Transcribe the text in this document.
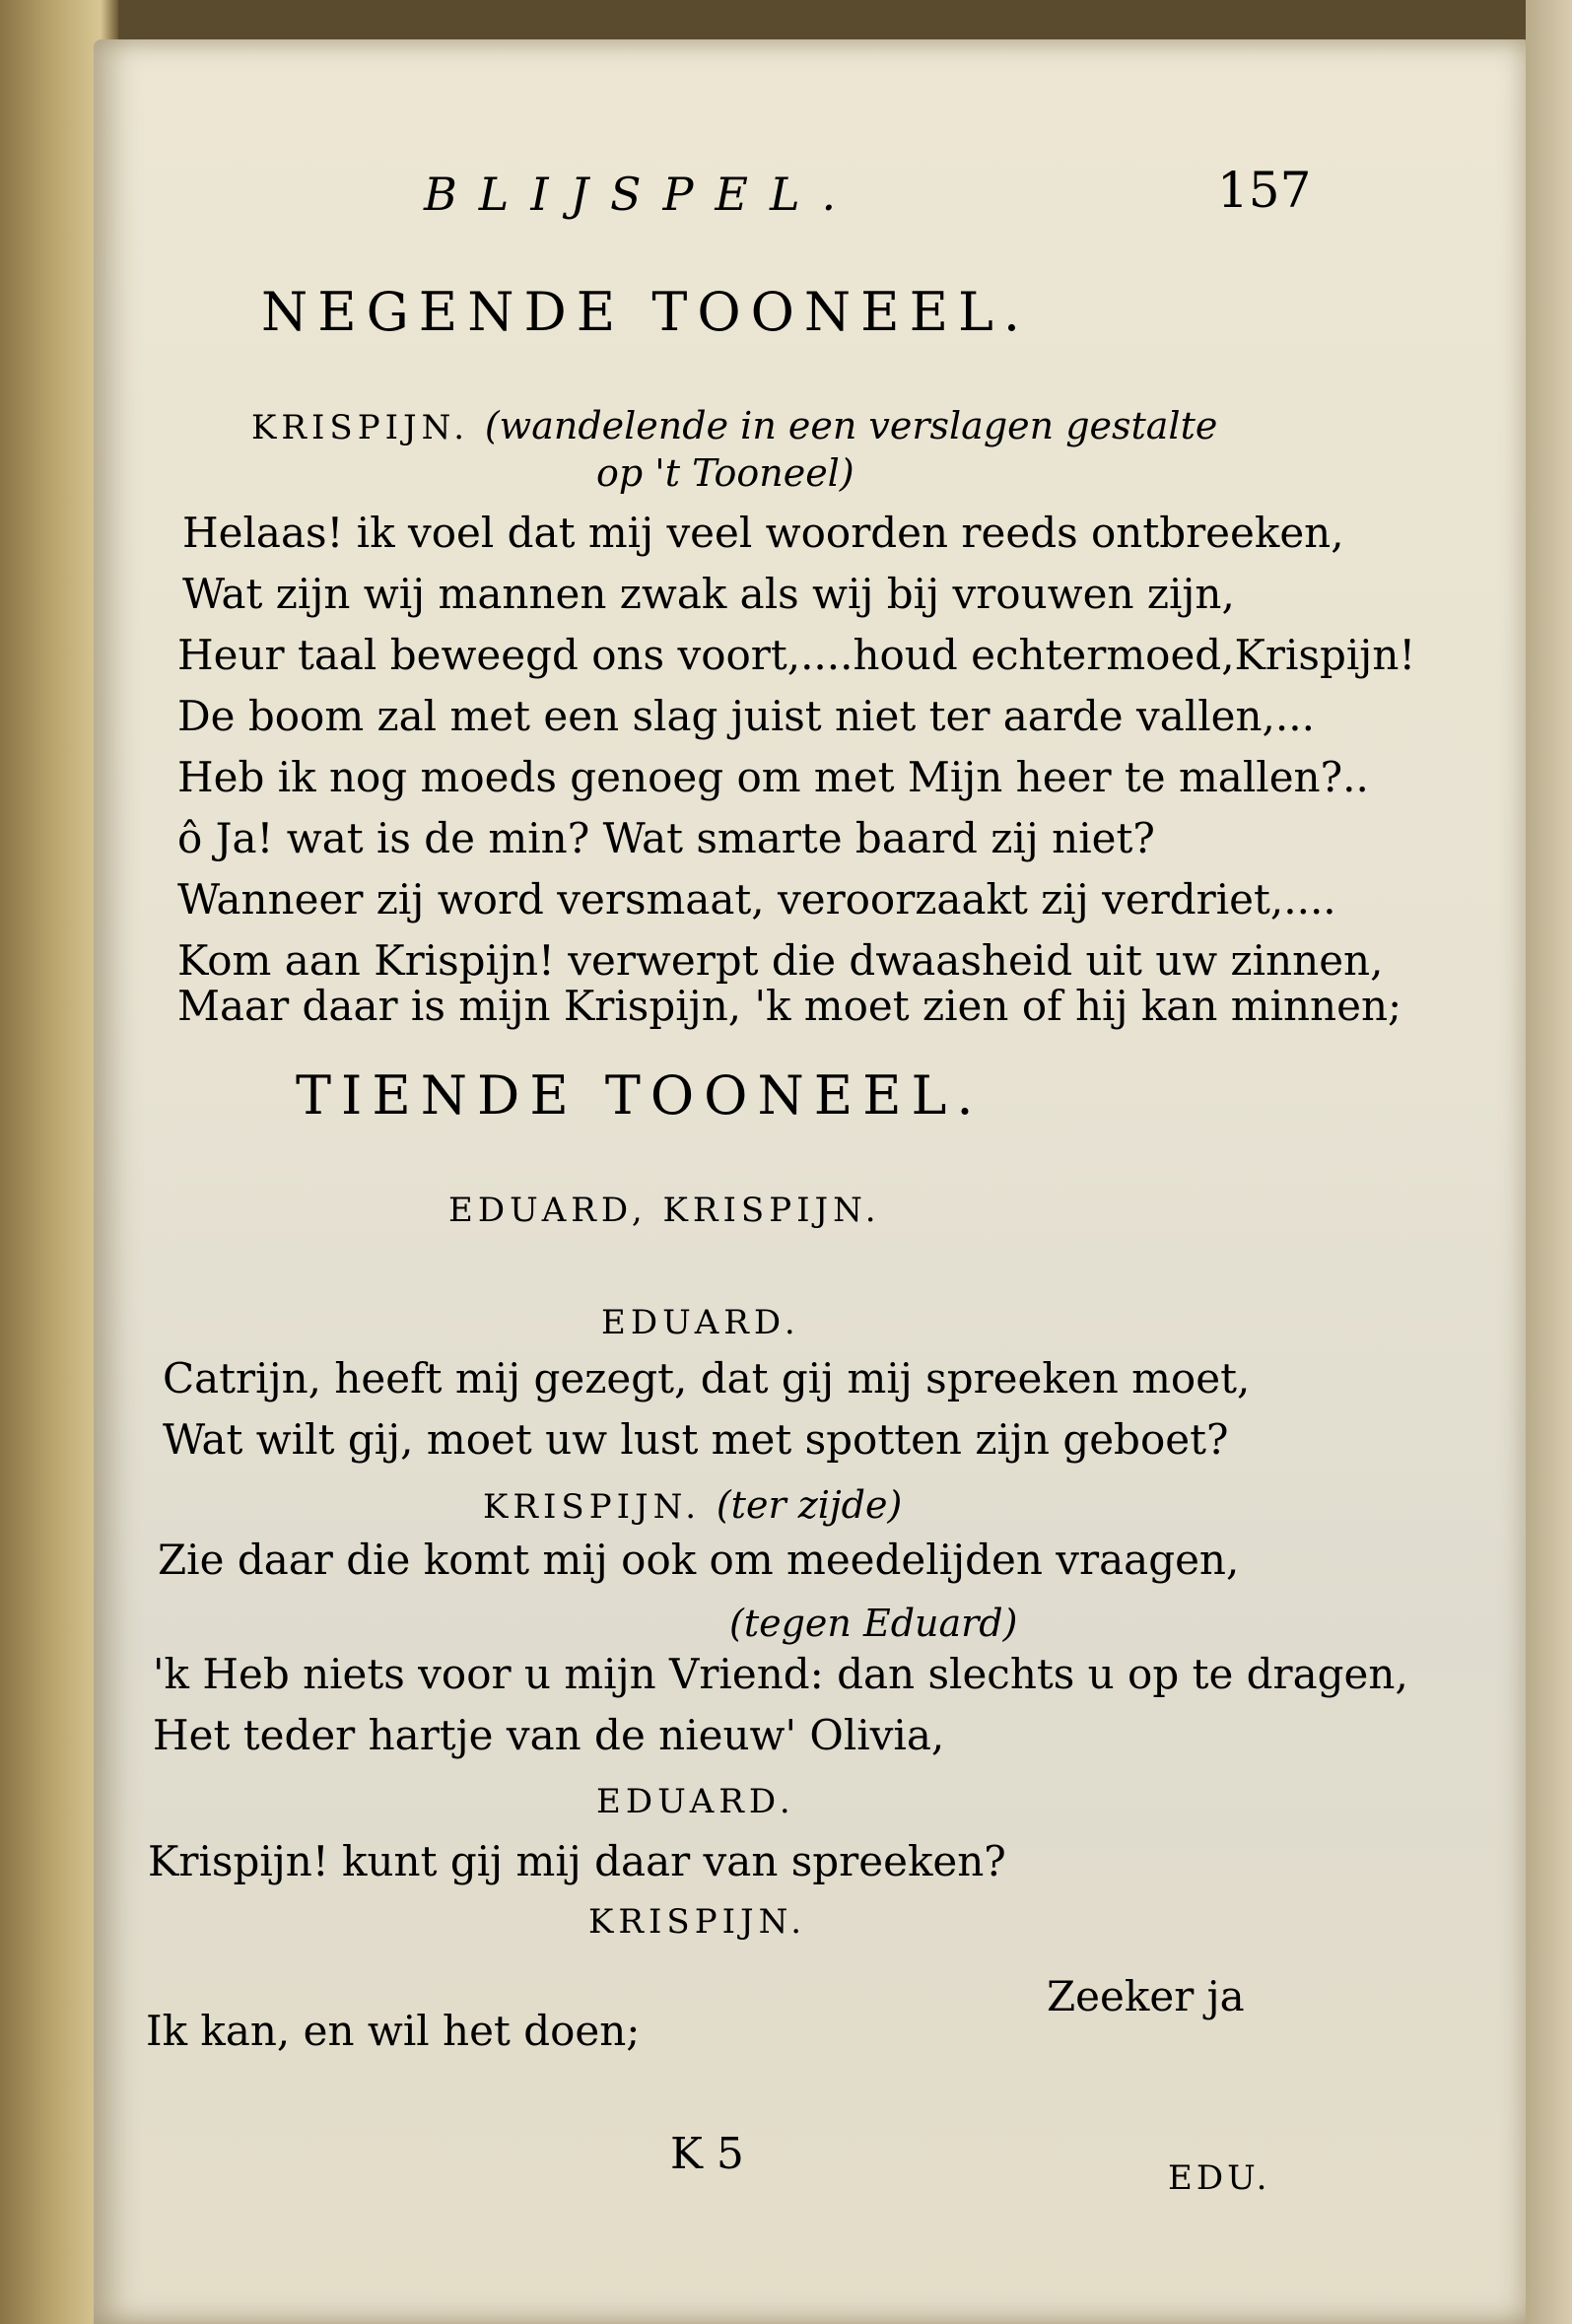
BLIJSPEL.	157
NEGENDE TOONEEL.
KRISPIJN. (wandelende in een verslagen gestalte
op 't Tooneel)
Helaas! ik voel dat mij veel woorden reeds ontbreeken,
Wat zijn wij mannen zwak als wij bij vrouwen zijn,
Heur taal beweegd ons voort,....houd echtermoed,Krispijn!
De boom zal met een slag juist niet ter aarde vallen,...
Heb ik nog moeds genoeg om met Mijn heer te mallen?..
ô Ja! wat is de min? Wat smarte baard zij niet?
Wanneer zij word versmaat, veroorzaakt zij verdriet,....
Kom aan Krispijn! verwerpt die dwaasheid uit uw zinnen,
Maar daar is mijn Krispijn, 'k moet zien of hij kan minnen;
TIENDE TOONEEL.
EDUARD, KRISPIJN.
EDUARD.
Catrijn, heeft mij gezegt, dat gij mij spreeken moet,
Wat wilt gij, moet uw lust met spotten zijn geboet?
KRISPIJN. (ter zijde)
Zie daar die komt mij ook om meedelijden vraagen,
(tegen Eduard)
'k Heb niets voor u mijn Vriend: dan slechts u op te dragen,
Het teder hartje van de nieuw' Olivia,
EDUARD.
Krispijn! kunt gij mij daar van spreeken?
KRISPIJN.
Zeeker ja
Ik kan, en wil het doen;
K 5	EDU.
